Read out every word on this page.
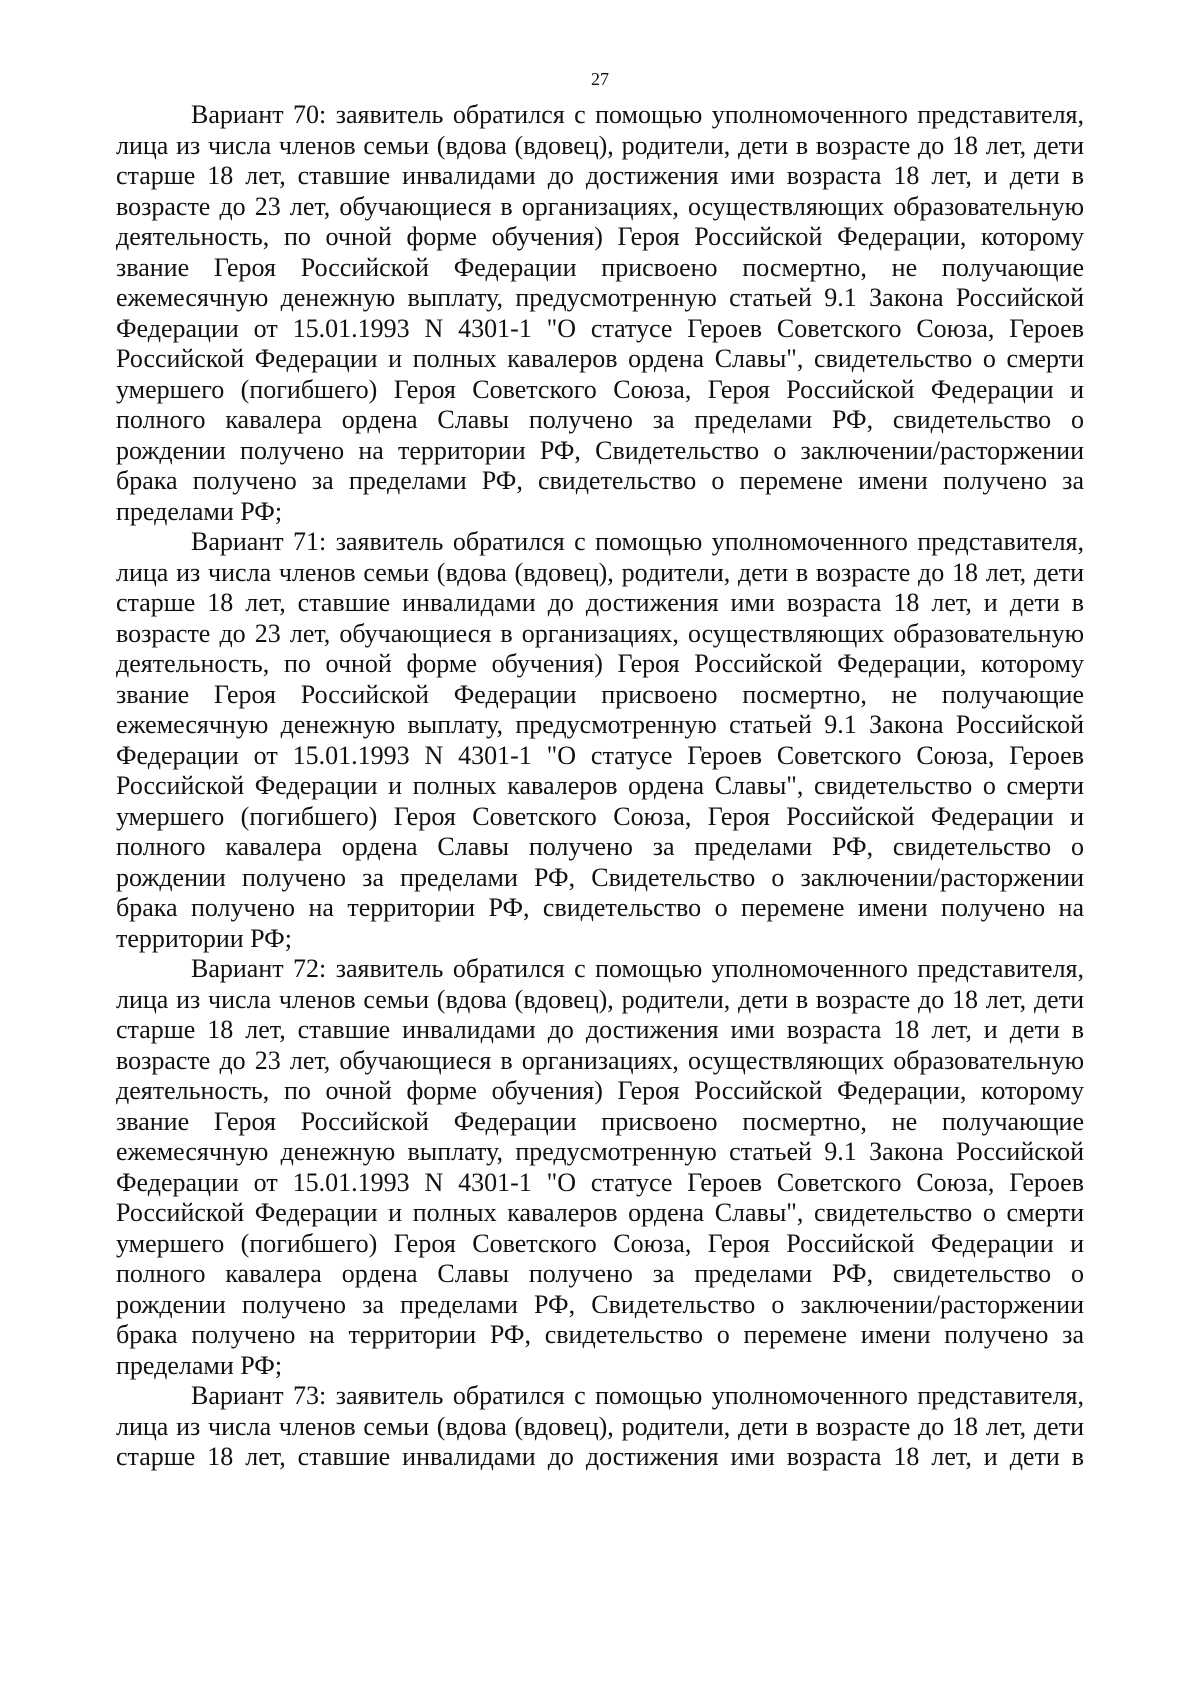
27
Вариант 70: заявитель обратился с помощью уполномоченного представителя,
лица из числа членов семьи (вдова (вдовец), родители, дети в возрасте до 18 лет, дети
старше 18 лет, ставшие инвалидами до достижения ими возраста 18 лет, и дети в
возрасте до 23 лет, обучающиеся в организациях, осуществляющих образовательную
деятельность, по очной форме обучения) Героя Российской Федерации, которому
звание Героя Российской Федерации присвоено посмертно, не получающие
ежемесячную денежную выплату, предусмотренную статьей 9.1 Закона Российской
Федерации от 15.01.1993 N 4301-1 "О статусе Героев Советского Союза, Героев
Российской Федерации и полных кавалеров ордена Славы", свидетельство о смерти
умершего (погибшего) Героя Советского Союза, Героя Российской Федерации и
полного кавалера ордена Славы получено за пределами РФ, свидетельство о
рождении получено на территории РФ, Свидетельство о заключении/расторжении
брака получено за пределами РФ, свидетельство о перемене имени получено за
пределами РФ;
Вариант 71: заявитель обратился с помощью уполномоченного представителя,
лица из числа членов семьи (вдова (вдовец), родители, дети в возрасте до 18 лет, дети
старше 18 лет, ставшие инвалидами до достижения ими возраста 18 лет, и дети в
возрасте до 23 лет, обучающиеся в организациях, осуществляющих образовательную
деятельность, по очной форме обучения) Героя Российской Федерации, которому
звание Героя Российской Федерации присвоено посмертно, не получающие
ежемесячную денежную выплату, предусмотренную статьей 9.1 Закона Российской
Федерации от 15.01.1993 N 4301-1 "О статусе Героев Советского Союза, Героев
Российской Федерации и полных кавалеров ордена Славы", свидетельство о смерти
умершего (погибшего) Героя Советского Союза, Героя Российской Федерации и
полного кавалера ордена Славы получено за пределами РФ, свидетельство о
рождении получено за пределами РФ, Свидетельство о заключении/расторжении
брака получено на территории РФ, свидетельство о перемене имени получено на
территории РФ;
Вариант 72: заявитель обратился с помощью уполномоченного представителя,
лица из числа членов семьи (вдова (вдовец), родители, дети в возрасте до 18 лет, дети
старше 18 лет, ставшие инвалидами до достижения ими возраста 18 лет, и дети в
возрасте до 23 лет, обучающиеся в организациях, осуществляющих образовательную
деятельность, по очной форме обучения) Героя Российской Федерации, которому
звание Героя Российской Федерации присвоено посмертно, не получающие
ежемесячную денежную выплату, предусмотренную статьей 9.1 Закона Российской
Федерации от 15.01.1993 N 4301-1 "О статусе Героев Советского Союза, Героев
Российской Федерации и полных кавалеров ордена Славы", свидетельство о смерти
умершего (погибшего) Героя Советского Союза, Героя Российской Федерации и
полного кавалера ордена Славы получено за пределами РФ, свидетельство о
рождении получено за пределами РФ, Свидетельство о заключении/расторжении
брака получено на территории РФ, свидетельство о перемене имени получено за
пределами РФ;
Вариант 73: заявитель обратился с помощью уполномоченного представителя,
лица из числа членов семьи (вдова (вдовец), родители, дети в возрасте до 18 лет, дети
старше 18 лет, ставшие инвалидами до достижения ими возраста 18 лет, и дети в
